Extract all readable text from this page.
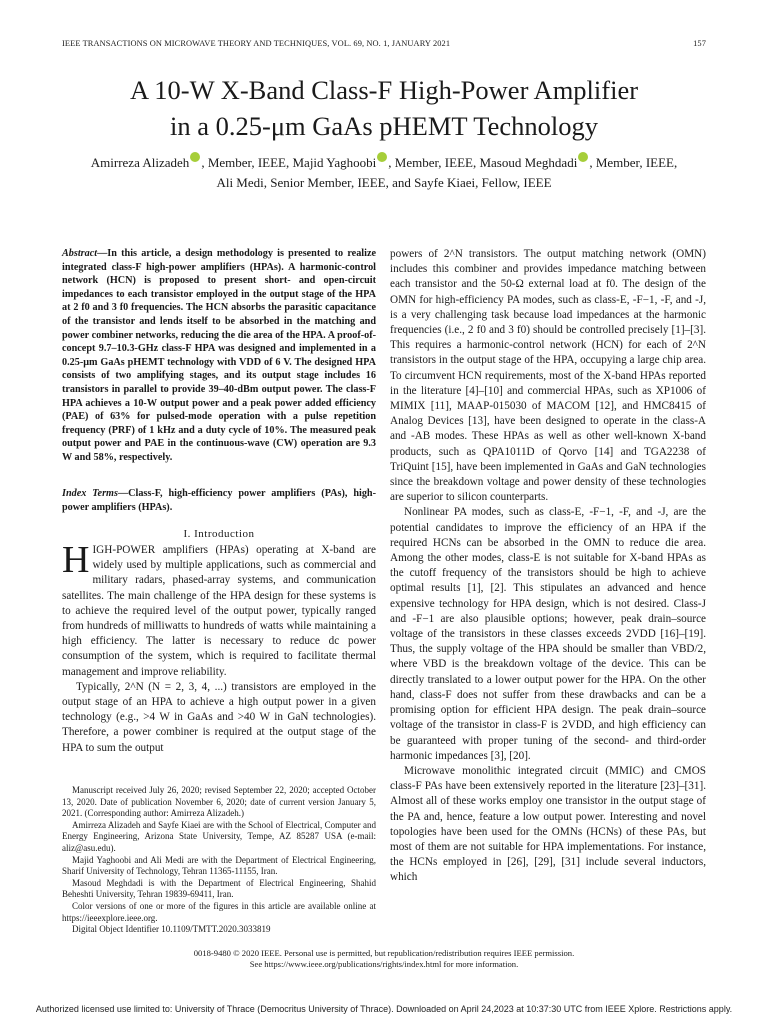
IEEE TRANSACTIONS ON MICROWAVE THEORY AND TECHNIQUES, VOL. 69, NO. 1, JANUARY 2021	157
A 10-W X-Band Class-F High-Power Amplifier
in a 0.25-μm GaAs pHEMT Technology
Amirreza Alizadeh , Member, IEEE, Majid Yaghoobi , Member, IEEE, Masoud Meghdadi , Member, IEEE,
Ali Medi, Senior Member, IEEE, and Sayfe Kiaei, Fellow, IEEE
Abstract—In this article, a design methodology is presented to realize integrated class-F high-power amplifiers (HPAs). A harmonic-control network (HCN) is proposed to present short- and open-circuit impedances to each transistor employed in the output stage of the HPA at 2 f0 and 3 f0 frequencies. The HCN absorbs the parasitic capacitance of the transistor and lends itself to be absorbed in the matching and power combiner networks, reducing the die area of the HPA. A proof-of-concept 9.7–10.3-GHz class-F HPA was designed and implemented in a 0.25-μm GaAs pHEMT technology with VDD of 6 V. The designed HPA consists of two amplifying stages, and its output stage includes 16 transistors in parallel to provide 39–40-dBm output power. The class-F HPA achieves a 10-W output power and a peak power added efficiency (PAE) of 63% for pulsed-mode operation with a pulse repetition frequency (PRF) of 1 kHz and a duty cycle of 10%. The measured peak output power and PAE in the continuous-wave (CW) operation are 9.3 W and 58%, respectively.
Index Terms—Class-F, high-efficiency power amplifiers (PAs), high-power amplifiers (HPAs).
I. Introduction

HIGH-POWER amplifiers (HPAs) operating at X-band are widely used by multiple applications, such as commercial and military radars, phased-array systems, and communication satellites. The main challenge of the HPA design for these systems is to achieve the required level of the output power, typically ranged from hundreds of milliwatts to hundreds of watts while maintaining a high efficiency. The latter is necessary to reduce dc power consumption of the system, which is required to facilitate thermal management and improve reliability.

Typically, 2^N (N = 2, 3, 4, ...) transistors are employed in the output stage of an HPA to achieve a high output power in a given technology (e.g., >4 W in GaAs and >40 W in GaN technologies). Therefore, a power combiner is required at the output stage of the HPA to sum the output

Manuscript received July 26, 2020; revised September 22, 2020; accepted October 13, 2020. Date of publication November 6, 2020; date of current version January 5, 2021. (Corresponding author: Amirreza Alizadeh.)

Amirreza Alizadeh and Sayfe Kiaei are with the School of Electrical, Computer and Energy Engineering, Arizona State University, Tempe, AZ 85287 USA (e-mail: aliz@asu.edu).

Majid Yaghoobi and Ali Medi are with the Department of Electrical Engineering, Sharif University of Technology, Tehran 11365-11155, Iran.

Masoud Meghdadi is with the Department of Electrical Engineering, Shahid Beheshti University, Tehran 19839-69411, Iran.

Color versions of one or more of the figures in this article are available online at https://ieeexplore.ieee.org.

Digital Object Identifier 10.1109/TMTT.2020.3033819

powers of 2^N transistors. The output matching network (OMN) includes this combiner and provides impedance matching between each transistor and the 50-Ω external load at f0. The design of the OMN for high-efficiency PA modes, such as class-E, -F−1, -F, and -J, is a very challenging task because load impedances at the harmonic frequencies (i.e., 2 f0 and 3 f0) should be controlled precisely [1]–[3]. This requires a harmonic-control network (HCN) for each of 2^N transistors in the output stage of the HPA, occupying a large chip area. To circumvent HCN requirements, most of the X-band HPAs reported in the literature [4]–[10] and commercial HPAs, such as XP1006 of MIMIX [11], MAAP-015030 of MACOM [12], and HMC8415 of Analog Devices [13], have been designed to operate in the class-A and -AB modes. These HPAs as well as other well-known X-band products, such as QPA1011D of Qorvo [14] and TGA2238 of TriQuint [15], have been implemented in GaAs and GaN technologies since the breakdown voltage and power density of these technologies are superior to silicon counterparts.

Nonlinear PA modes, such as class-E, -F−1, -F, and -J, are the potential candidates to improve the efficiency of an HPA if the required HCNs can be absorbed in the OMN to reduce die area. Among the other modes, class-E is not suitable for X-band HPAs as the cutoff frequency of the transistors should be high to achieve optimal results [1], [2]. This stipulates an advanced and hence expensive technology for HPA design, which is not desired. Class-J and -F−1 are also plausible options; however, peak drain–source voltage of the transistors in these classes exceeds 2VDD [16]–[19]. Thus, the supply voltage of the HPA should be smaller than VBD/2, where VBD is the breakdown voltage of the device. This can be directly translated to a lower output power for the HPA. On the other hand, class-F does not suffer from these drawbacks and can be a promising option for efficient HPA design. The peak drain–source voltage of the transistor in class-F is 2VDD, and high efficiency can be guaranteed with proper tuning of the second- and third-order harmonic impedances [3], [20].

Microwave monolithic integrated circuit (MMIC) and CMOS class-F PAs have been extensively reported in the literature [23]–[31]. Almost all of these works employ one transistor in the output stage of the PA and, hence, feature a low output power. Interesting and novel topologies have been used for the OMNs (HCNs) of these PAs, but most of them are not suitable for HPA implementations. For instance, the HCNs employed in [26], [29], [31] include several inductors, which

0018-9480 © 2020 IEEE. Personal use is permitted, but republication/redistribution requires IEEE permission.
See https://www.ieee.org/publications/rights/index.html for more information.
Authorized licensed use limited to: University of Thrace (Democritus University of Thrace). Downloaded on April 24,2023 at 10:37:30 UTC from IEEE Xplore. Restrictions apply.
